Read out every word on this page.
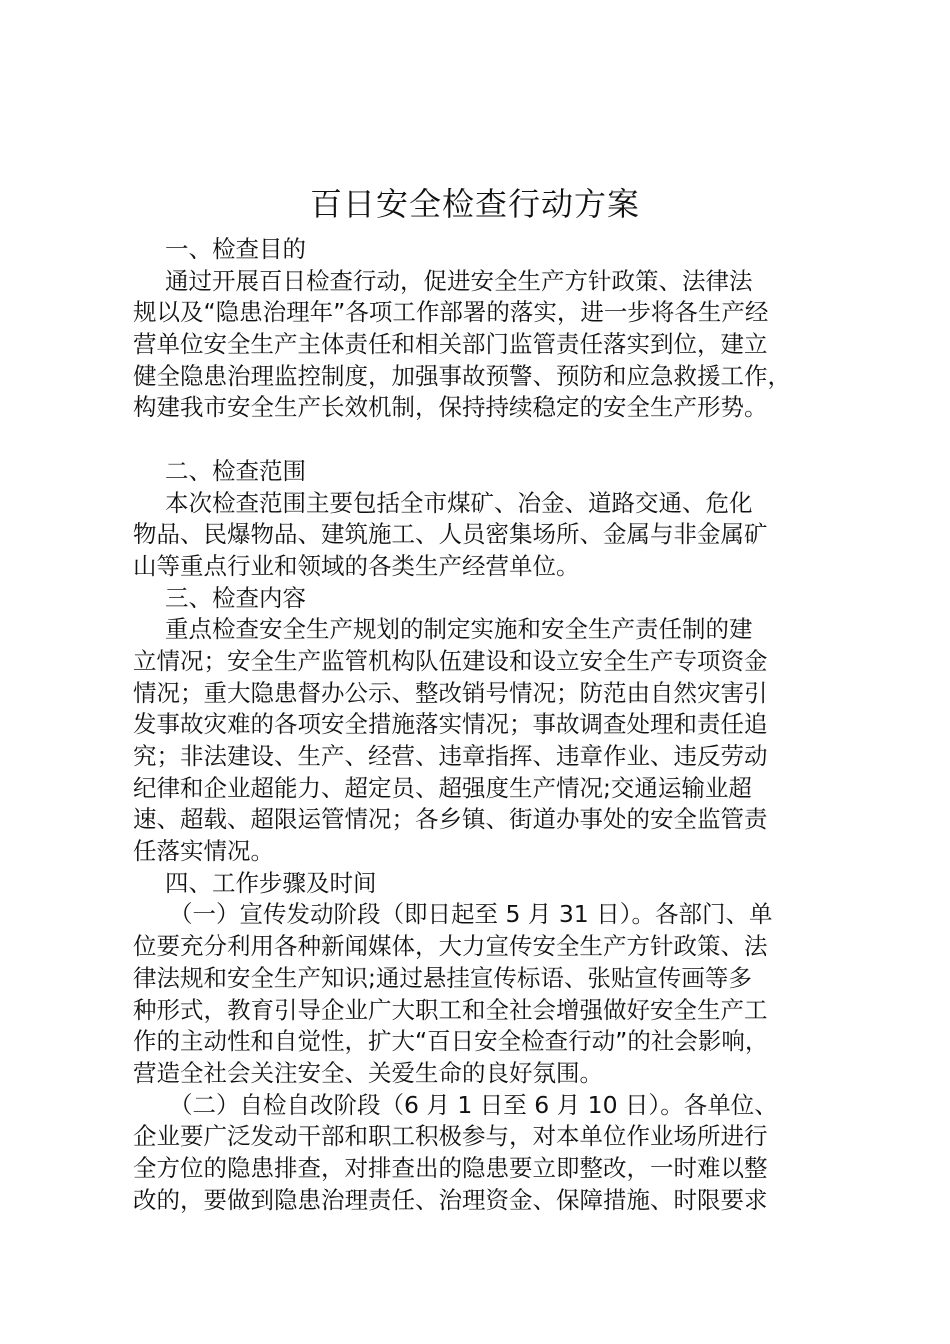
百日安全检查行动方案

一、检查目的
通过开展百日检查行动，促进安全生产方针政策、法律法
规以及“隐患治理年”各项工作部署的落实，进一步将各生产经
营单位安全生产主体责任和相关部门监管责任落实到位，建立
健全隐患治理监控制度，加强事故预警、预防和应急救援工作，
构建我市安全生产长效机制，保持持续稳定的安全生产形势。

二、检查范围
本次检查范围主要包括全市煤矿、冶金、道路交通、危化
物品、民爆物品、建筑施工、人员密集场所、金属与非金属矿
山等重点行业和领域的各类生产经营单位。

三、检查内容
重点检查安全生产规划的制定实施和安全生产责任制的建
立情况；安全生产监管机构队伍建设和设立安全生产专项资金
情况；重大隐患督办公示、整改销号情况；防范由自然灾害引
发事故灾难的各项安全措施落实情况；事故调查处理和责任追
究；非法建设、生产、经营、违章指挥、违章作业、违反劳动
纪律和企业超能力、超定员、超强度生产情况;交通运输业超
速、超载、超限运管情况；各乡镇、街道办事处的安全监管责
任落实情况。

四、工作步骤及时间
（一）宣传发动阶段（即日起至 5 月 31 日）。各部门、单
位要充分利用各种新闻媒体，大力宣传安全生产方针政策、法
律法规和安全生产知识;通过悬挂宣传标语、张贴宣传画等多
种形式，教育引导企业广大职工和全社会增强做好安全生产工
作的主动性和自觉性，扩大“百日安全检查行动”的社会影响，
营造全社会关注安全、关爱生命的良好氛围。
（二）自检自改阶段（6 月 1 日至 6 月 10 日）。各单位、
企业要广泛发动干部和职工积极参与，对本单位作业场所进行
全方位的隐患排查，对排查出的隐患要立即整改，一时难以整
改的，要做到隐患治理责任、治理资金、保障措施、时限要求
